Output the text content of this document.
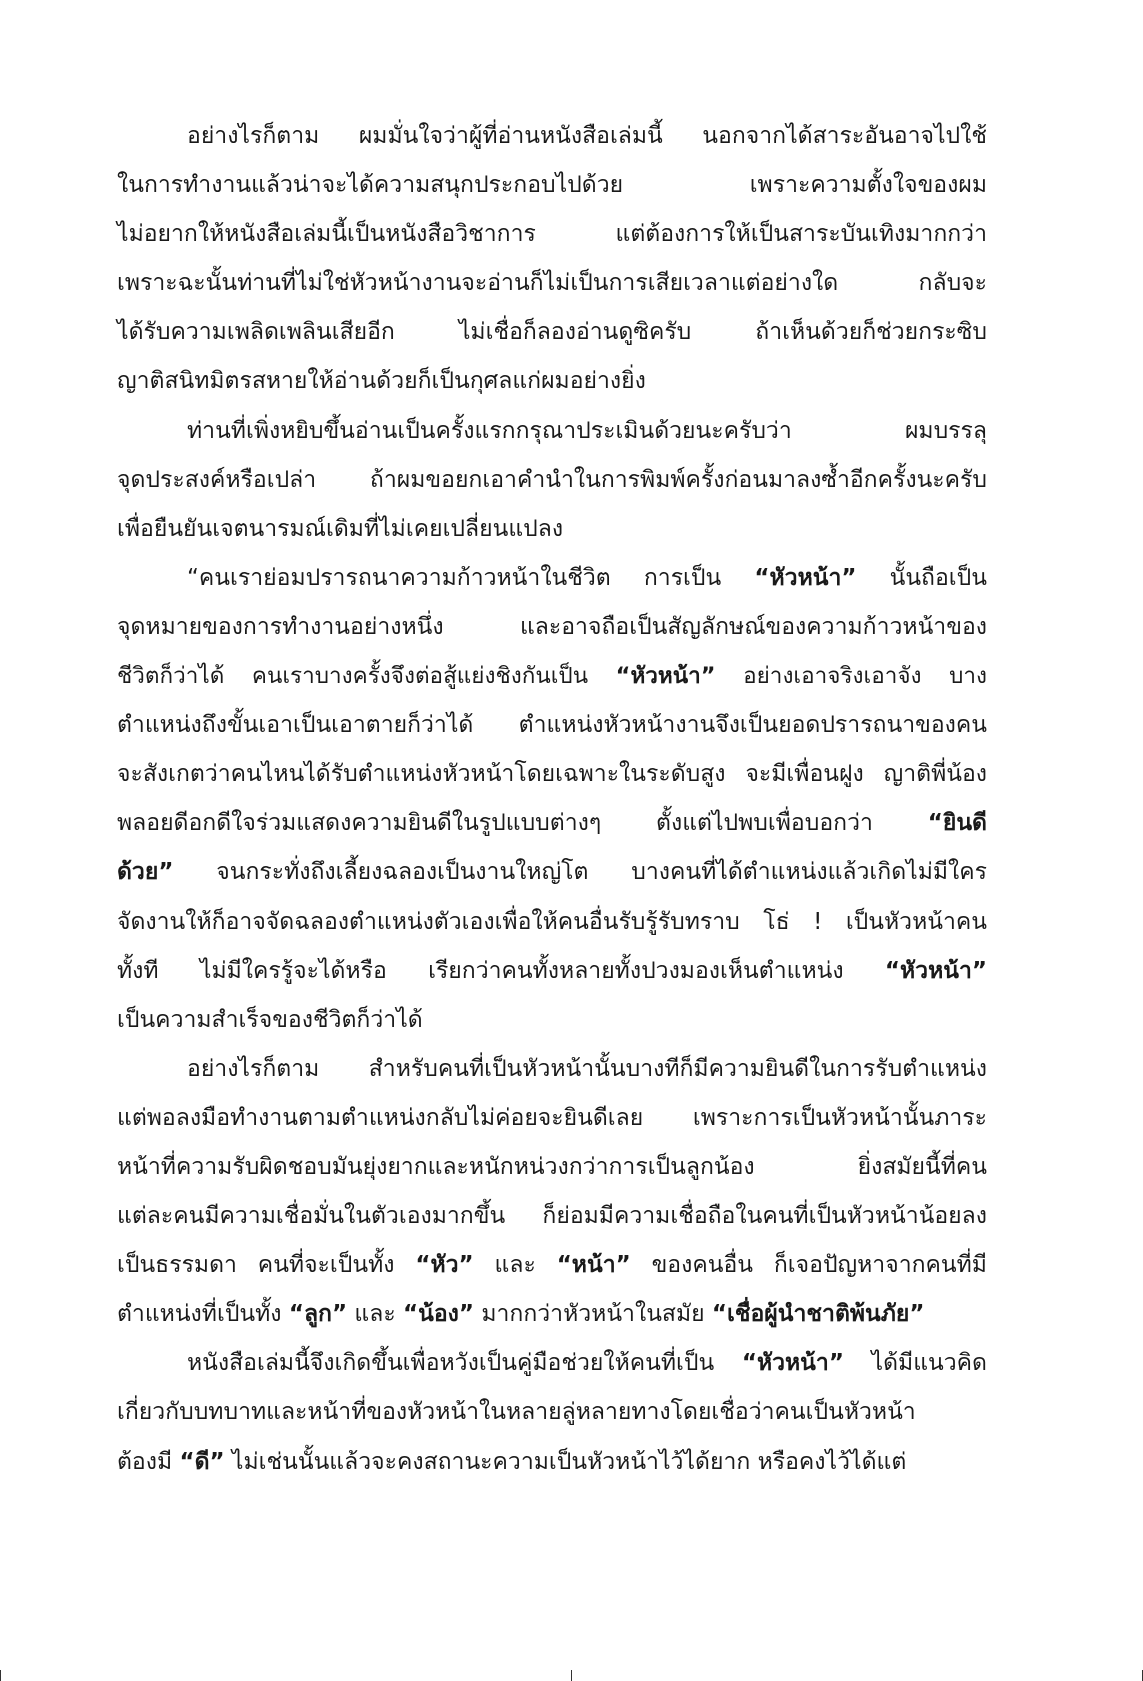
อย่างไรก็ตาม ผมมั่นใจว่าผู้ที่อ่านหนังสือเล่มนี้ นอกจากได้สาระอันอาจไปใช้
ในการทำงานแล้วน่าจะได้ความสนุกประกอบไปด้วย เพราะความตั้งใจของผม
ไม่อยากให้หนังสือเล่มนี้เป็นหนังสือวิชาการ แต่ต้องการให้เป็นสาระบันเทิงมากกว่า
เพราะฉะนั้นท่านที่ไม่ใช่หัวหน้างานจะอ่านก็ไม่เป็นการเสียเวลาแต่อย่างใด กลับจะ
ได้รับความเพลิดเพลินเสียอีก ไม่เชื่อก็ลองอ่านดูซิครับ ถ้าเห็นด้วยก็ช่วยกระซิบ
ญาติสนิทมิตรสหายให้อ่านด้วยก็เป็นกุศลแก่ผมอย่างยิ่ง
ท่านที่เพิ่งหยิบขึ้นอ่านเป็นครั้งแรกกรุณาประเมินด้วยนะครับว่า ผมบรรลุ
จุดประสงค์หรือเปล่า ถ้าผมขอยกเอาคำนำในการพิมพ์ครั้งก่อนมาลงซ้ำอีกครั้งนะครับ
เพื่อยืนยันเจตนารมณ์เดิมที่ไม่เคยเปลี่ยนแปลง
“คนเราย่อมปรารถนาความก้าวหน้าในชีวิต การเป็น “หัวหน้า” นั้นถือเป็น
จุดหมายของการทำงานอย่างหนึ่ง และอาจถือเป็นสัญลักษณ์ของความก้าวหน้าของ
ชีวิตก็ว่าได้ คนเราบางครั้งจึงต่อสู้แย่งชิงกันเป็น “หัวหน้า” อย่างเอาจริงเอาจัง บาง
ตำแหน่งถึงขั้นเอาเป็นเอาตายก็ว่าได้ ตำแหน่งหัวหน้างานจึงเป็นยอดปรารถนาของคน
จะสังเกตว่าคนไหนได้รับตำแหน่งหัวหน้าโดยเฉพาะในระดับสูง จะมีเพื่อนฝูง ญาติพี่น้อง
พลอยดีอกดีใจร่วมแสดงความยินดีในรูปแบบต่างๆ ตั้งแต่ไปพบเพื่อบอกว่า “ยินดี
ด้วย” จนกระทั่งถึงเลี้ยงฉลองเป็นงานใหญ่โต บางคนที่ได้ตำแหน่งแล้วเกิดไม่มีใคร
จัดงานให้ก็อาจจัดฉลองตำแหน่งตัวเองเพื่อให้คนอื่นรับรู้รับทราบ โธ่ ! เป็นหัวหน้าคน
ทั้งที ไม่มีใครรู้จะได้หรือ เรียกว่าคนทั้งหลายทั้งปวงมองเห็นตำแหน่ง “หัวหน้า”
เป็นความสำเร็จของชีวิตก็ว่าได้
อย่างไรก็ตาม สำหรับคนที่เป็นหัวหน้านั้นบางทีก็มีความยินดีในการรับตำแหน่ง
แต่พอลงมือทำงานตามตำแหน่งกลับไม่ค่อยจะยินดีเลย เพราะการเป็นหัวหน้านั้นภาระ
หน้าที่ความรับผิดชอบมันยุ่งยากและหนักหน่วงกว่าการเป็นลูกน้อง ยิ่งสมัยนี้ที่คน
แต่ละคนมีความเชื่อมั่นในตัวเองมากขึ้น ก็ย่อมมีความเชื่อถือในคนที่เป็นหัวหน้าน้อยลง
เป็นธรรมดา คนที่จะเป็นทั้ง “หัว” และ “หน้า” ของคนอื่น ก็เจอปัญหาจากคนที่มี
ตำแหน่งที่เป็นทั้ง “ลูก” และ “น้อง” มากกว่าหัวหน้าในสมัย “เชื่อผู้นำชาติพ้นภัย”
หนังสือเล่มนี้จึงเกิดขึ้นเพื่อหวังเป็นคู่มือช่วยให้คนที่เป็น “หัวหน้า” ได้มีแนวคิด
เกี่ยวกับบทบาทและหน้าที่ของหัวหน้าในหลายลู่หลายทางโดยเชื่อว่าคนเป็นหัวหน้า
ต้องมี “ดี” ไม่เช่นนั้นแล้วจะคงสถานะความเป็นหัวหน้าไว้ได้ยาก หรือคงไว้ได้แต่
